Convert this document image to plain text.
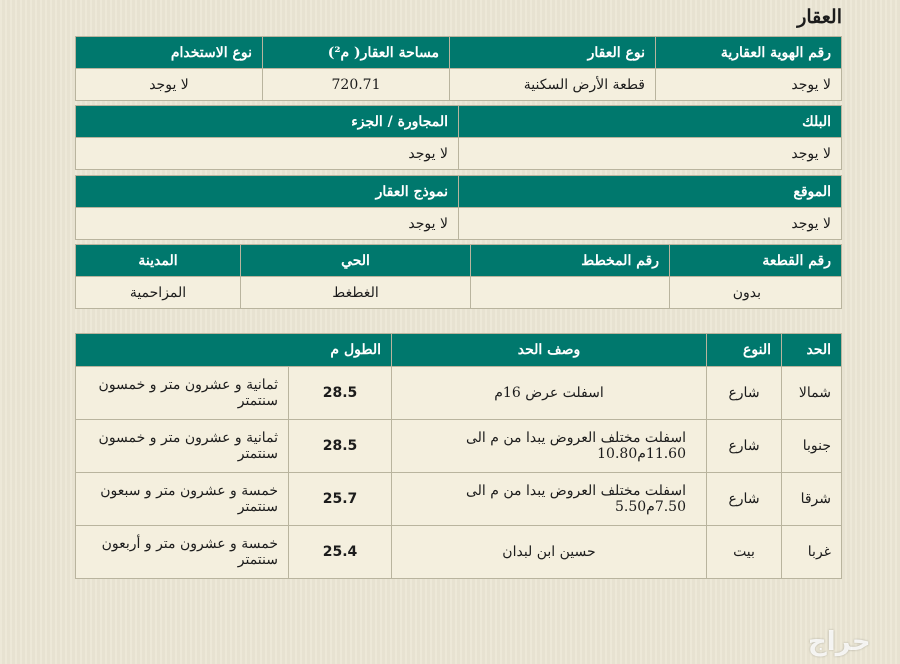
العقار
رقم الهوية العقارية	نوع العقار	مساحة العقار( م²)	نوع الاستخدام
لا يوجد	قطعة الأرض السكنية	720.71	لا يوجد
البلك	المجاورة / الجزء
لا يوجد	لا يوجد
الموقع	نموذج العقار
لا يوجد	لا يوجد
رقم القطعة	رقم المخطط	الحي	المدينة
بدون		الغطغط	المزاحمية
الحد	النوع	وصف الحد	الطول م	
شمالا	شارع	اسفلت عرض 16م	28.5	ثمانية و عشرون متر و خمسون سنتمتر
جنوبا	شارع	اسفلت مختلف العروض يبدا من م الى 11.60م10.80	28.5	ثمانية و عشرون متر و خمسون سنتمتر
شرقا	شارع	اسفلت مختلف العروض يبدا من م الى 7.50م5.50	25.7	خمسة و عشرون متر و سبعون سنتمتر
غربا	بيت	حسين ابن لبدان	25.4	خمسة و عشرون متر و أربعون سنتمتر
حراج
